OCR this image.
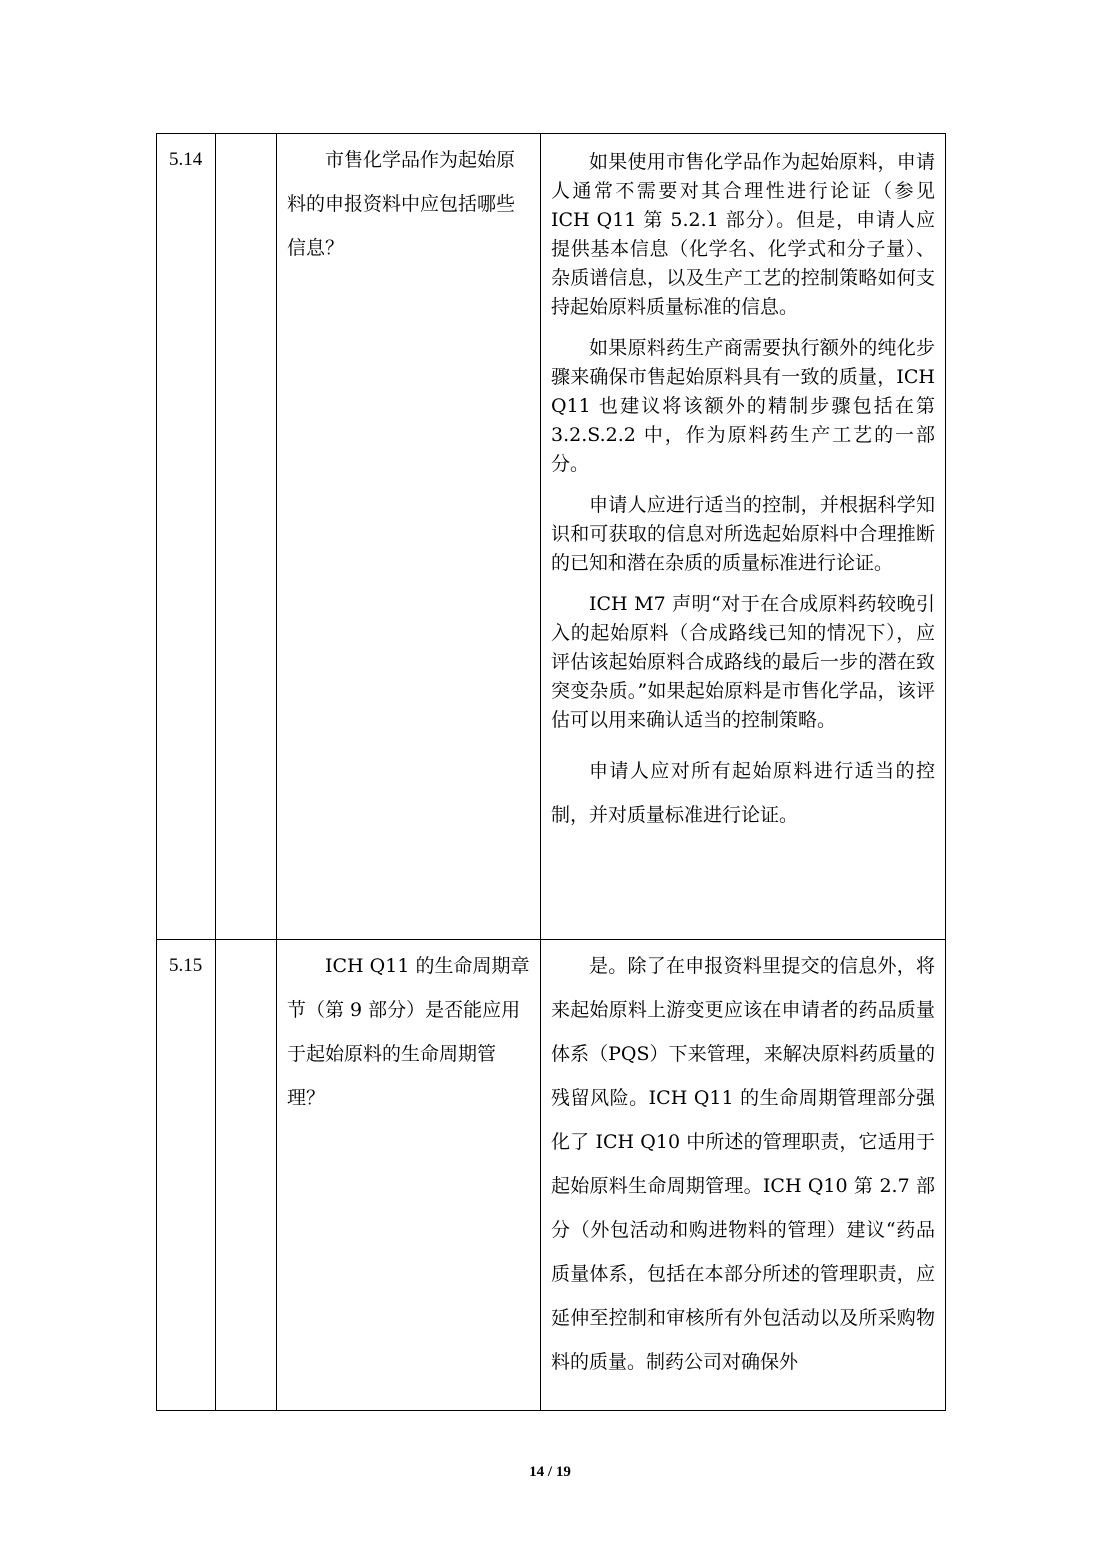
5.14		市售化学品作为起始原料的申报资料中应包括哪些信息？	如果使用市售化学品作为起始原料，申请人通常不需要对其合理性进行论证（参见 ICH Q11 第 5.2.1 部分）。但是，申请人应提供基本信息（化学名、化学式和分子量）、杂质谱信息，以及生产工艺的控制策略如何支持起始原料质量标准的信息。

如果原料药生产商需要执行额外的纯化步骤来确保市售起始原料具有一致的质量，ICH Q11 也建议将该额外的精制步骤包括在第 3.2.S.2.2 中，作为原料药生产工艺的一部分。

申请人应进行适当的控制，并根据科学知识和可获取的信息对所选起始原料中合理推断的已知和潜在杂质的质量标准进行论证。

ICH M7 声明“对于在合成原料药较晚引入的起始原料（合成路线已知的情况下），应评估该起始原料合成路线的最后一步的潜在致突变杂质。”如果起始原料是市售化学品，该评估可以用来确认适当的控制策略。

申请人应对所有起始原料进行适当的控制，并对质量标准进行论证。

5.15		ICH Q11 的生命周期章节（第 9 部分）是否能应用于起始原料的生命周期管理？	是。除了在申报资料里提交的信息外，将来起始原料上游变更应该在申请者的药品质量体系（PQS）下来管理，来解决原料药质量的残留风险。ICH Q11 的生命周期管理部分强化了 ICH Q10 中所述的管理职责，它适用于起始原料生命周期管理。ICH Q10 第 2.7 部分（外包活动和购进物料的管理）建议“药品质量体系，包括在本部分所述的管理职责，应延伸至控制和审核所有外包活动以及所采购物料的质量。制药公司对确保外

14 / 19
